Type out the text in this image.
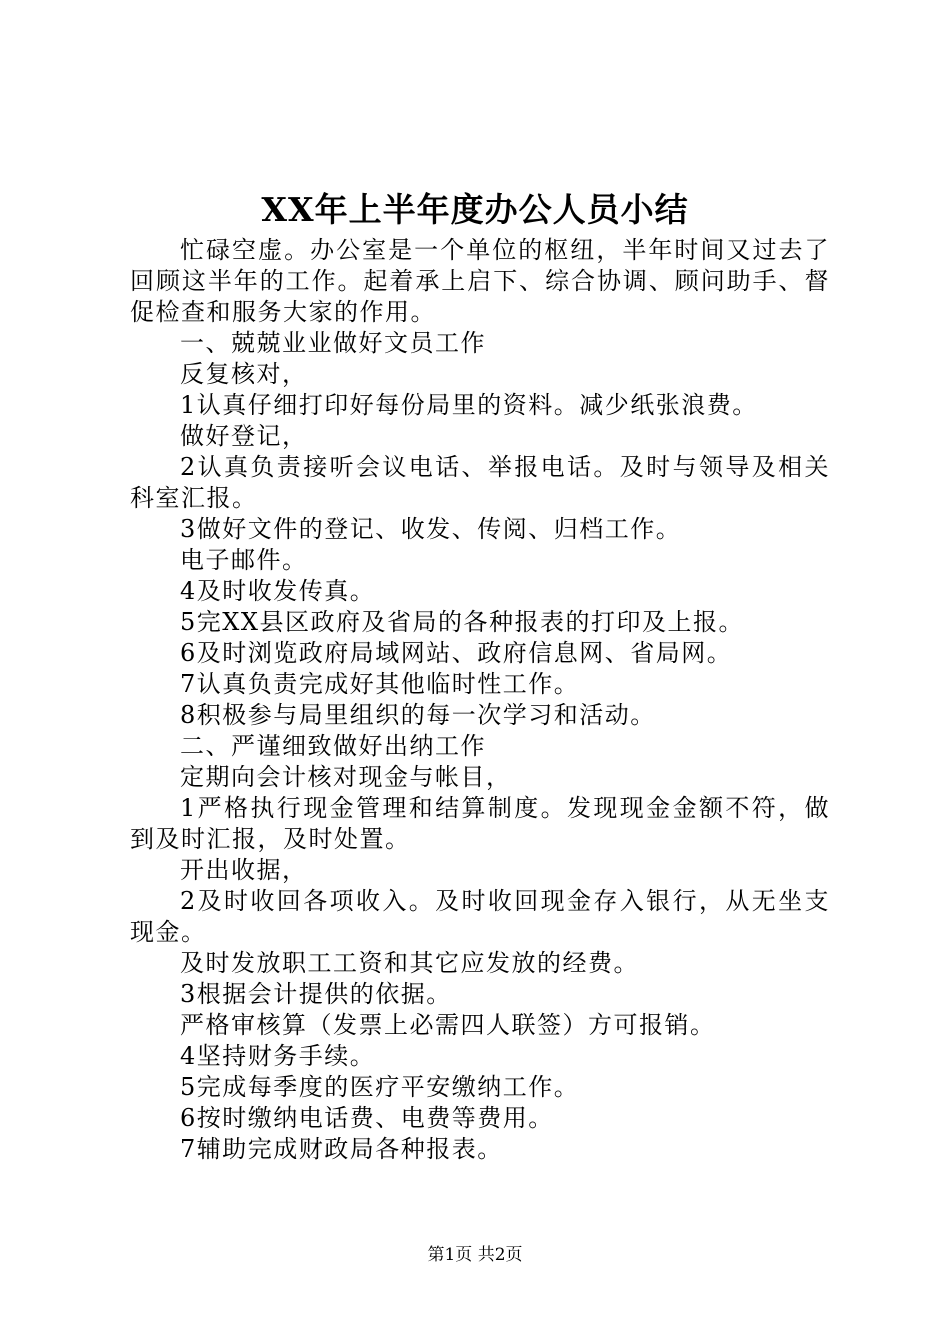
XX年上半年度办公人员小结

忙碌空虚。办公室是一个单位的枢纽，半年时间又过去了回顾这半年的工作。起着承上启下、综合协调、顾问助手、督促检查和服务大家的作用。

一、兢兢业业做好文员工作

反复核对，

1认真仔细打印好每份局里的资料。减少纸张浪费。

做好登记，

2认真负责接听会议电话、举报电话。及时与领导及相关科室汇报。

3做好文件的登记、收发、传阅、归档工作。

电子邮件。

4及时收发传真。

5完XX县区政府及省局的各种报表的打印及上报。

6及时浏览政府局域网站、政府信息网、省局网。

7认真负责完成好其他临时性工作。

8积极参与局里组织的每一次学习和活动。

二、严谨细致做好出纳工作

定期向会计核对现金与帐目，

1严格执行现金管理和结算制度。发现现金金额不符，做到及时汇报，及时处置。

开出收据，

2及时收回各项收入。及时收回现金存入银行，从无坐支现金。

及时发放职工工资和其它应发放的经费。

3根据会计提供的依据。

严格审核算（发票上必需四人联签）方可报销。

4坚持财务手续。

5完成每季度的医疗平安缴纳工作。

6按时缴纳电话费、电费等费用。

7辅助完成财政局各种报表。

第1页 共2页
